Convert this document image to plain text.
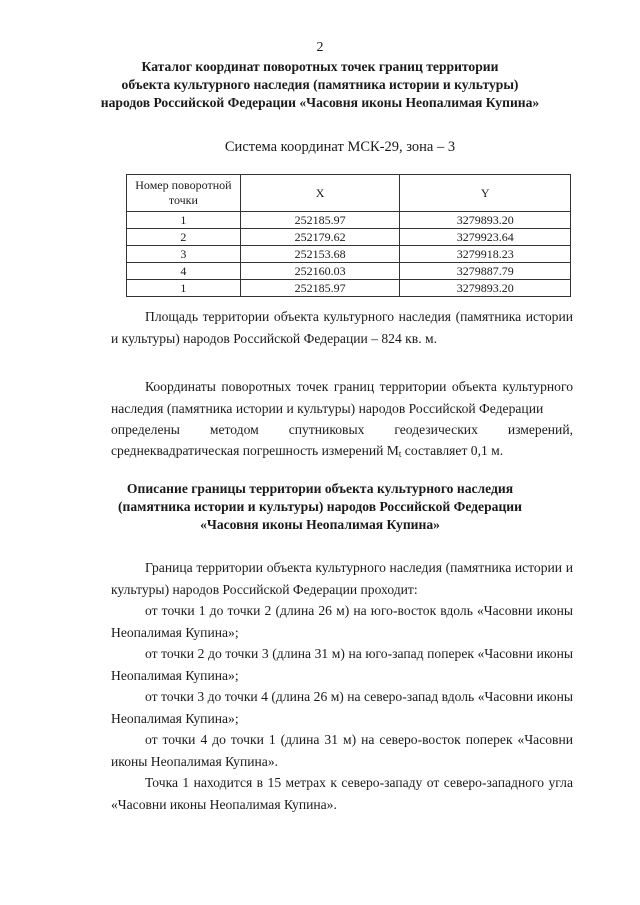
2
Каталог координат поворотных точек границ территории
объекта культурного наследия (памятника истории и культуры)
народов Российской Федерации «Часовня иконы Неопалимая Купина»
Система координат МСК-29, зона – 3
Номер поворотной точки	X	Y
1	252185.97	3279893.20
2	252179.62	3279923.64
3	252153.68	3279918.23
4	252160.03	3279887.79
1	252185.97	3279893.20

Площадь территории объекта культурного наследия (памятника истории и культуры) народов Российской Федерации – 824 кв. м.

Координаты поворотных точек границ территории объекта культурного наследия (памятника истории и культуры) народов Российской Федерации
определены методом спутниковых геодезических измерений,
среднеквадратическая погрешность измерений Mt составляет 0,1 м.
Описание границы территории объекта культурного наследия
(памятника истории и культуры) народов Российской Федерации
«Часовня иконы Неопалимая Купина»

Граница территории объекта культурного наследия (памятника истории и культуры) народов Российской Федерации проходит:

от точки 1 до точки 2 (длина 26 м) на юго-восток вдоль «Часовни иконы Неопалимая Купина»;

от точки 2 до точки 3 (длина 31 м) на юго-запад поперек «Часовни иконы Неопалимая Купина»;

от точки 3 до точки 4 (длина 26 м) на северо-запад вдоль «Часовни иконы Неопалимая Купина»;

от точки 4 до точки 1 (длина 31 м) на северо-восток поперек «Часовни иконы Неопалимая Купина».

Точка 1 находится в 15 метрах к северо-западу от северо-западного угла «Часовни иконы Неопалимая Купина».
